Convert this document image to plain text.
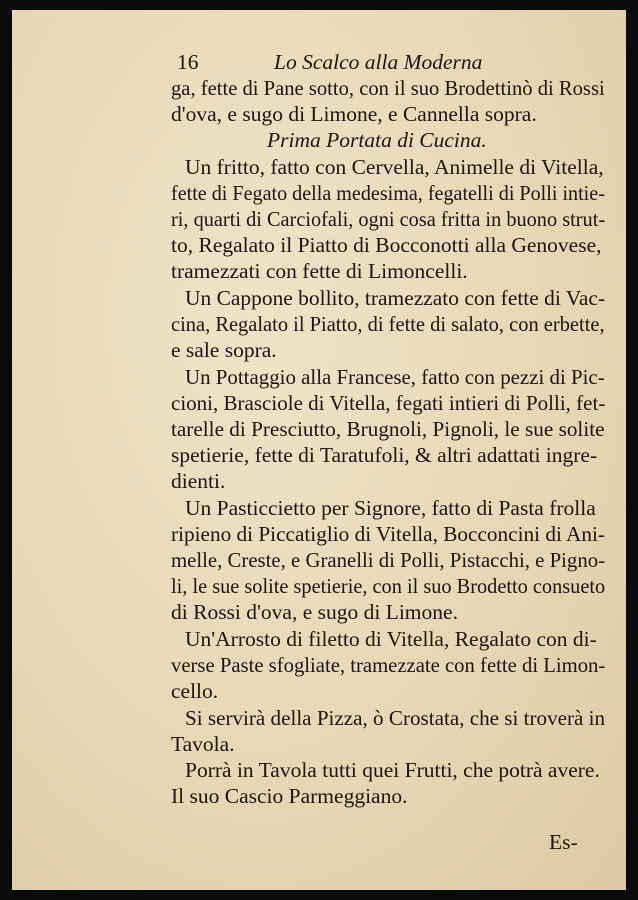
16	Lo Scalco alla Moderna
ga, fette di Pane sotto, con il suo Brodettinò di Rossi
d'ova, e sugo di Limone, e Cannella sopra.
Prima Portata di Cucina.
Un fritto, fatto con Cervella, Animelle di Vitella,
fette di Fegato della medesima, fegatelli di Polli intie-
ri, quarti di Carciofali, ogni cosa fritta in buono strut-
to, Regalato il Piatto di Bocconotti alla Genovese,
tramezzati con fette di Limoncelli.
Un Cappone bollito, tramezzato con fette di Vac-
cina, Regalato il Piatto, di fette di salato, con erbette,
e sale sopra.
Un Pottaggio alla Francese, fatto con pezzi di Pic-
cioni, Brasciole di Vitella, fegati intieri di Polli, fet-
tarelle di Presciutto, Brugnoli, Pignoli, le sue solite
spetierie, fette di Taratufoli, & altri adattati ingre-
dienti.
Un Pasticcietto per Signore, fatto di Pasta frolla
ripieno di Piccatiglio di Vitella, Bocconcini di Ani-
melle, Creste, e Granelli di Polli, Pistacchi, e Pigno-
li, le sue solite spetierie, con il suo Brodetto consueto
di Rossi d'ova, e sugo di Limone.
Un'Arrosto di filetto di Vitella, Regalato con di-
verse Paste sfogliate, tramezzate con fette di Limon-
cello.
Si servirà della Pizza, ò Crostata, che si troverà in
Tavola.
Porrà in Tavola tutti quei Frutti, che potrà avere.
Il suo Cascio Parmeggiano.
Es-
